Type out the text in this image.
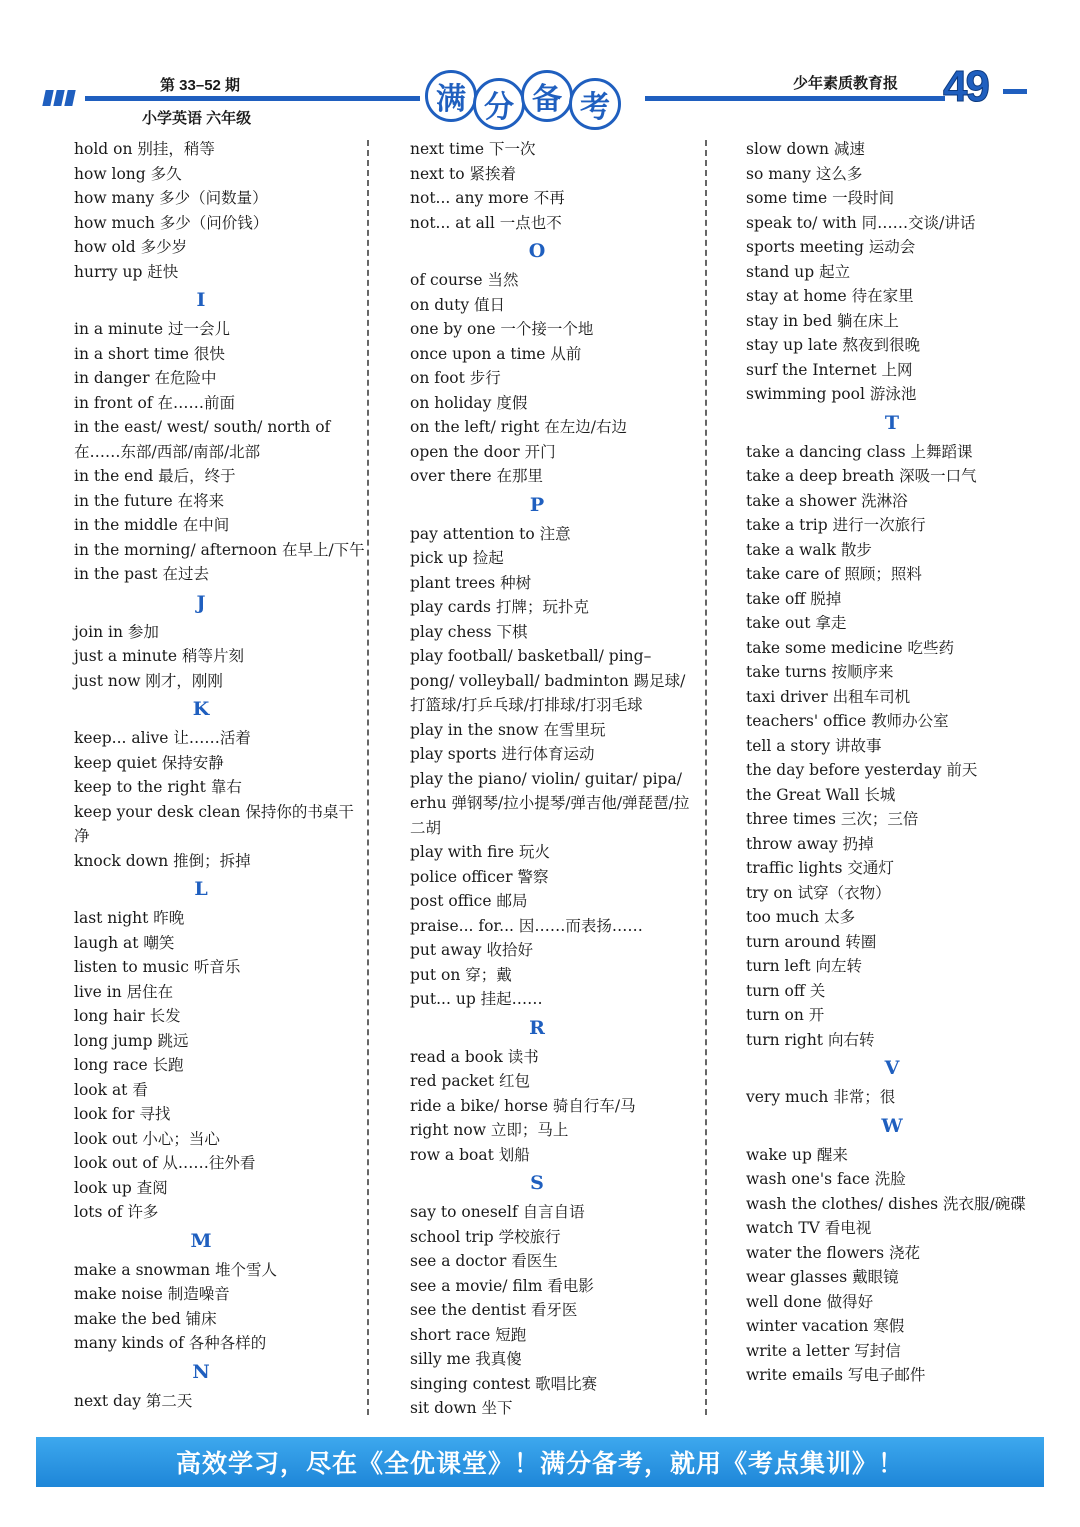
第 33–52 期
小学英语 六年级
满 分 备 考
少年素质教育报 49
hold on 别挂，稍等
how long 多久
how many 多少（问数量）
how much 多少（问价钱）
how old 多少岁
hurry up 赶快
I
in a minute 过一会儿
in a short time 很快
in danger 在危险中
in front of 在……前面
in the east/ west/ south/ north of 在……东部/西部/南部/北部
in the end 最后，终于
in the future 在将来
in the middle 在中间
in the morning/ afternoon 在早上/下午
in the past 在过去
J
join in 参加
just a minute 稍等片刻
just now 刚才，刚刚
K
keep... alive 让……活着
keep quiet 保持安静
keep to the right 靠右
keep your desk clean 保持你的书桌干净
knock down 推倒；拆掉
L
last night 昨晚
laugh at 嘲笑
listen to music 听音乐
live in 居住在
long hair 长发
long jump 跳远
long race 长跑
look at 看
look for 寻找
look out 小心；当心
look out of 从……往外看
look up 查阅
lots of 许多
M
make a snowman 堆个雪人
make noise 制造噪音
make the bed 铺床
many kinds of 各种各样的
N
next day 第二天
next time 下一次
next to 紧挨着
not... any more 不再
not... at all 一点也不
O
of course 当然
on duty 值日
one by one 一个接一个地
once upon a time 从前
on foot 步行
on holiday 度假
on the left/ right 在左边/右边
open the door 开门
over there 在那里
P
pay attention to 注意
pick up 捡起
plant trees 种树
play cards 打牌；玩扑克
play chess 下棋
play football/ basketball/ ping– pong/ volleyball/ badminton 踢足球/打篮球/打乒乓球/打排球/打羽毛球
play in the snow 在雪里玩
play sports 进行体育运动
play the piano/ violin/ guitar/ pipa/ erhu 弹钢琴/拉小提琴/弹吉他/弹琵琶/拉二胡
play with fire 玩火
police officer 警察
post office 邮局
praise... for... 因……而表扬……
put away 收拾好
put on 穿；戴
put... up 挂起……
R
read a book 读书
red packet 红包
ride a bike/ horse 骑自行车/马
right now 立即；马上
row a boat 划船
S
say to oneself 自言自语
school trip 学校旅行
see a doctor 看医生
see a movie/ film 看电影
see the dentist 看牙医
short race 短跑
silly me 我真傻
singing contest 歌唱比赛
sit down 坐下
slow down 减速
so many 这么多
some time 一段时间
speak to/ with 同……交谈/讲话
sports meeting 运动会
stand up 起立
stay at home 待在家里
stay in bed 躺在床上
stay up late 熬夜到很晚
surf the Internet 上网
swimming pool 游泳池
T
take a dancing class 上舞蹈课
take a deep breath 深吸一口气
take a shower 洗淋浴
take a trip 进行一次旅行
take a walk 散步
take care of 照顾；照料
take off 脱掉
take out 拿走
take some medicine 吃些药
take turns 按顺序来
taxi driver 出租车司机
teachers' office 教师办公室
tell a story 讲故事
the day before yesterday 前天
the Great Wall 长城
three times 三次；三倍
throw away 扔掉
traffic lights 交通灯
try on 试穿（衣物）
too much 太多
turn around 转圈
turn left 向左转
turn off 关
turn on 开
turn right 向右转
V
very much 非常；很
W
wake up 醒来
wash one's face 洗脸
wash the clothes/ dishes 洗衣服/碗碟
watch TV 看电视
water the flowers 浇花
wear glasses 戴眼镜
well done 做得好
winter vacation 寒假
write a letter 写封信
write emails 写电子邮件
高效学习，尽在《全优课堂》！满分备考，就用《考点集训》！
